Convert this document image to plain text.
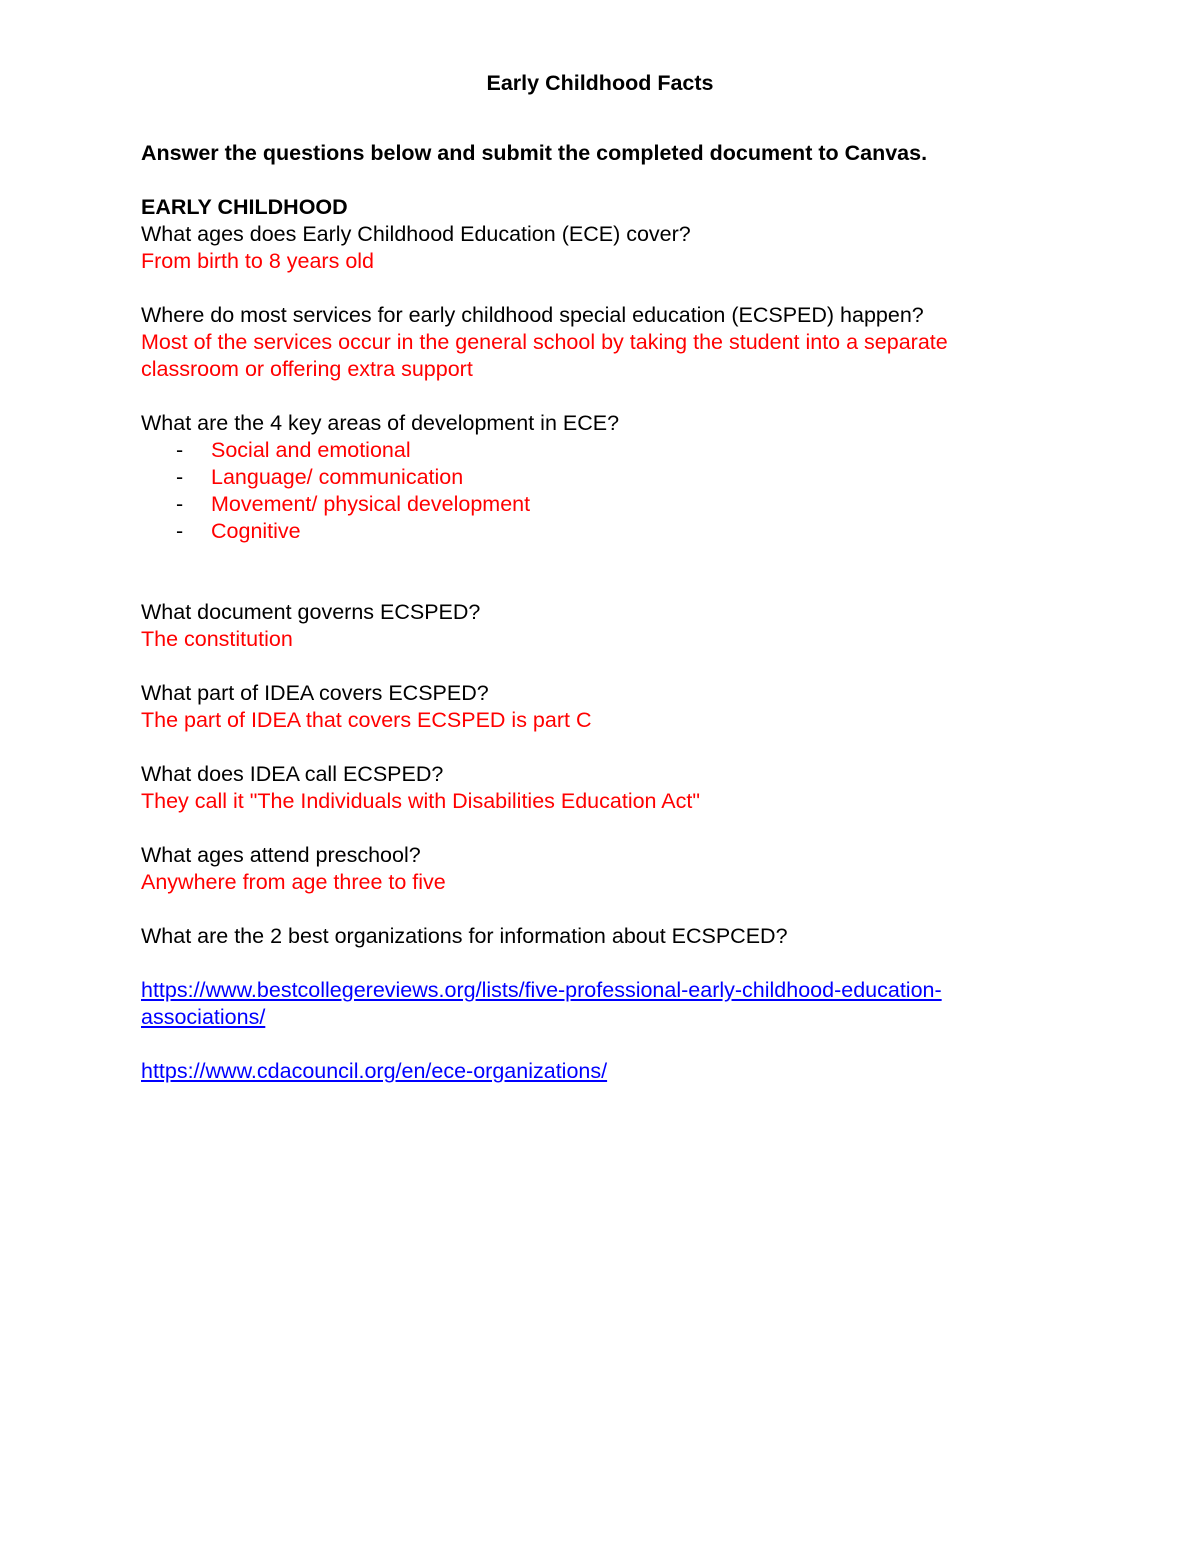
Early Childhood Facts
Answer the questions below and submit the completed document to Canvas.
EARLY CHILDHOOD
What ages does Early Childhood Education (ECE) cover?
From birth to 8 years old
Where do most services for early childhood special education (ECSPED) happen?
Most of the services occur in the general school by taking the student into a separate
classroom or offering extra support
What are the 4 key areas of development in ECE?
- Social and emotional
- Language/ communication
- Movement/ physical development
- Cognitive
What document governs ECSPED?
The constitution
What part of IDEA covers ECSPED?
The part of IDEA that covers ECSPED is part C
What does IDEA call ECSPED?
They call it "The Individuals with Disabilities Education Act"
What ages attend preschool?
Anywhere from age three to five
What are the 2 best organizations for information about ECSPCED?
https://www.bestcollegereviews.org/lists/five-professional-early-childhood-education-
associations/
https://www.cdacouncil.org/en/ece-organizations/
